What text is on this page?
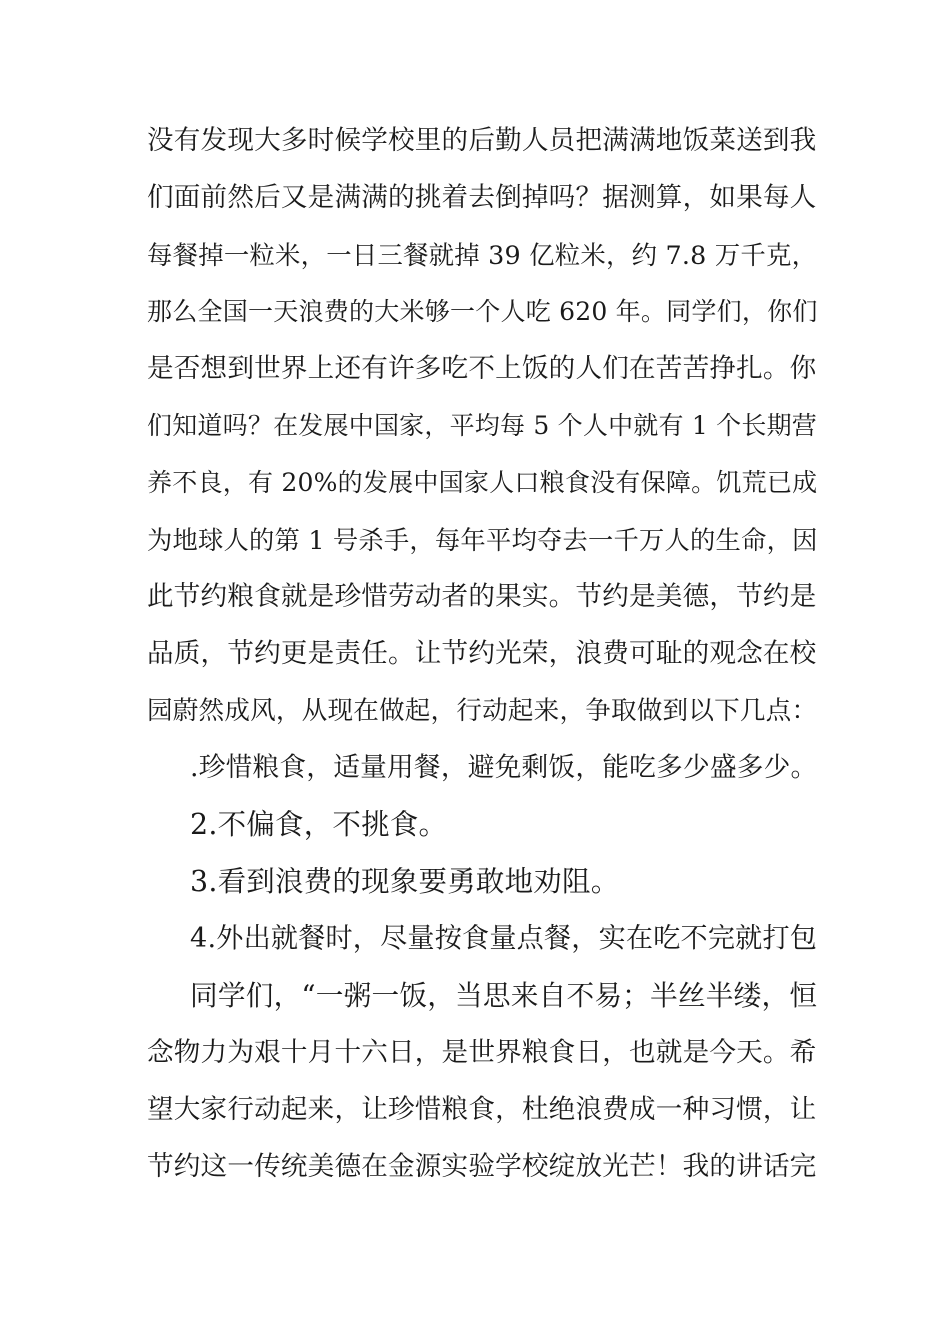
没有发现大多时候学校里的后勤人员把满满地饭菜送到我
们面前然后又是满满的挑着去倒掉吗？据测算，如果每人
每餐掉一粒米，一日三餐就掉 39 亿粒米，约 7.8 万千克，
那么全国一天浪费的大米够一个人吃 620 年。同学们，你们
是否想到世界上还有许多吃不上饭的人们在苦苦挣扎。你
们知道吗？在发展中国家，平均每 5 个人中就有 1 个长期营
养不良，有 20%的发展中国家人口粮食没有保障。饥荒已成
为地球人的第 1 号杀手，每年平均夺去一千万人的生命，因
此节约粮食就是珍惜劳动者的果实。节约是美德，节约是
品质，节约更是责任。让节约光荣，浪费可耻的观念在校
园蔚然成风，从现在做起，行动起来，争取做到以下几点：
.珍惜粮食，适量用餐，避免剩饭，能吃多少盛多少。
2.不偏食，不挑食。
3.看到浪费的现象要勇敢地劝阻。
4.外出就餐时，尽量按食量点餐，实在吃不完就打包
同学们，“一粥一饭，当思来自不易；半丝半缕，恒
念物力为艰十月十六日，是世界粮食日，也就是今天。希
望大家行动起来，让珍惜粮食，杜绝浪费成一种习惯，让
节约这一传统美德在金源实验学校绽放光芒！我的讲话完
